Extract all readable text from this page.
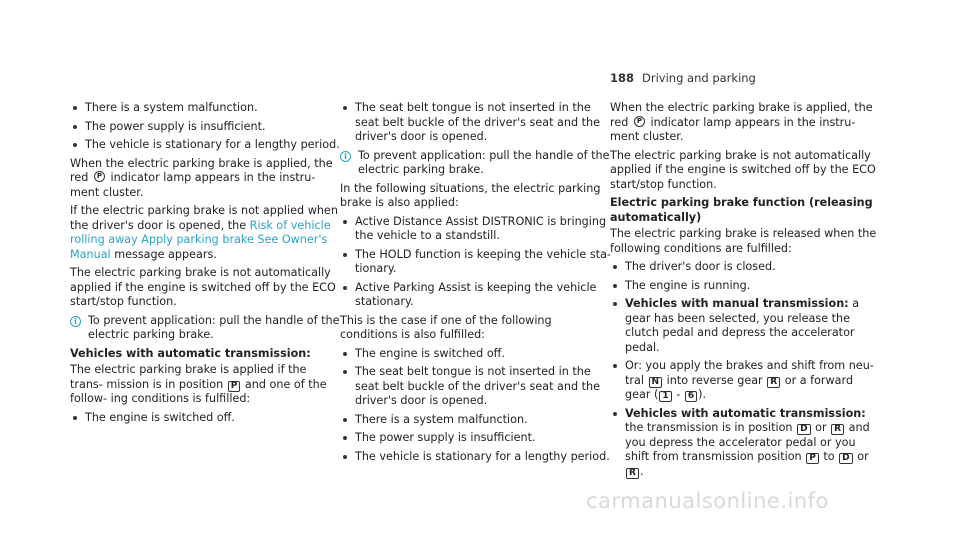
188 Driving and parking
There is a system malfunction.
The power supply is insufficient.
The vehicle is stationary for a lengthy period.

When the electric parking brake is applied, the red P indicator lamp appears in the instru- ment cluster.

If the electric parking brake is not applied when the driver's door is opened, the Risk of vehicle rolling away Apply parking brake See Owner's Manual message appears.

The electric parking brake is not automatically applied if the engine is switched off by the ECO start/stop function.

i To prevent application: pull the handle of the electric parking brake.

Vehicles with automatic transmission:

The electric parking brake is applied if the trans- mission is in position P and one of the follow- ing conditions is fulfilled:

The engine is switched off.
The seat belt tongue is not inserted in the seat belt buckle of the driver's seat and the driver's door is opened.
i To prevent application: pull the handle of the electric parking brake.

In the following situations, the electric parking brake is also applied:

Active Distance Assist DISTRONIC is bringing the vehicle to a standstill.
The HOLD function is keeping the vehicle sta- tionary.
Active Parking Assist is keeping the vehicle stationary.

This is the case if one of the following conditions is also fulfilled:

The engine is switched off.
The seat belt tongue is not inserted in the seat belt buckle of the driver's seat and the driver's door is opened.
There is a system malfunction.
The power supply is insufficient.
The vehicle is stationary for a lengthy period.

When the electric parking brake is applied, the red P indicator lamp appears in the instru- ment cluster.

The electric parking brake is not automatically applied if the engine is switched off by the ECO start/stop function.

Electric parking brake function (releasing automatically)

The electric parking brake is released when the following conditions are fulfilled:

The driver's door is closed.
The engine is running.
Vehicles with manual transmission: a gear has been selected, you release the clutch pedal and depress the accelerator pedal.
Or: you apply the brakes and shift from neu- tral N into reverse gear R or a forward gear ( 1 - 6 ).
Vehicles with automatic transmission: the transmission is in position D or R and you depress the accelerator pedal or you shift from transmission position P to D or R .
carmanualsonline.info
